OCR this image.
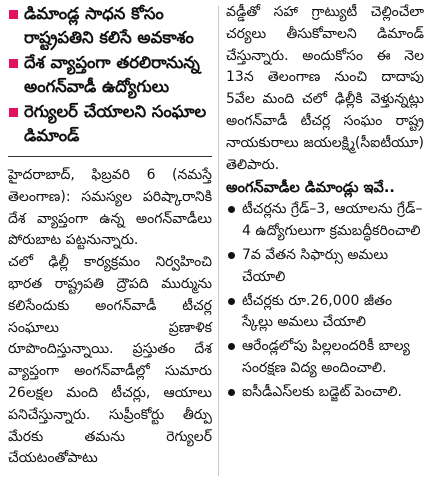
డిమాండ్ల సాధన కోసం రాష్ట్రపతిని కలిసే అవకాశం
దేశ వ్యాప్తంగా తరలిరానున్న అంగన్‌వాడీ ఉద్యోగులు
రెగ్యులర్ చేయాలని సంఘాల డిమాండ్

హైదరాబాద్, ఫిబ్రవరి 6 (నమస్తే తెలంగాణ): సమస్యల పరిష్కారానికి దేశ వ్యాప్తంగా ఉన్న అంగన్‌వాడీలు పోరుబాట పట్టనున్నారు.

చలో ఢిల్లీ కార్యక్రమం నిర్వహించి భారత రాష్ట్రపతి ద్రౌపది ముర్మును కలిసేందుకు అంగన్‌వాడీ టీచర్ల సంఘాలు ప్రణాళిక రూపొందిస్తున్నాయి. ప్రస్తుతం దేశ వ్యాప్తంగా అంగన్‌వాడీల్లో సుమారు 26లక్షల మంది టీచర్లు, ఆయాలు పనిచేస్తున్నారు. సుప్రీంకోర్టు తీర్పు మేరకు తమను రెగ్యులర్ చేయటంతోపాటు

వడ్డీతో సహా గ్రాట్యుటీ చెల్లించేలా చర్యలు తీసుకోవాలని డిమాండ్ చేస్తున్నారు. అందుకోసం ఈ నెల 13న తెలంగాణ నుంచి దాదాపు 5వేల మంది చలో ఢిల్లీకి వెళ్తున్నట్లు అంగన్‌వాడీ టీచర్ల సంఘం రాష్ట్ర నాయకురాలు జయలక్ష్మి(సీఐటీయూ) తెలిపారు.

అంగన్‌వాడీల డిమాండ్లు ఇవే..
టీచర్లను గ్రేడ్–3, ఆయాలను గ్రేడ్–4 ఉద్యోగులుగా క్రమబద్ధీకరించాలి
7వ వేతన సిఫార్సు అమలు చేయాలి
టీచర్లకు రూ.26,000 జీతం స్కేల్లు అమలు చేయాలి
ఆరేండ్లలోపు పిల్లలందరికీ బాల్య సంరక్షణ విద్య అందించాలి.
ఐసీడీఎస్‌లకు బడ్జెట్ పెంచాలి.
